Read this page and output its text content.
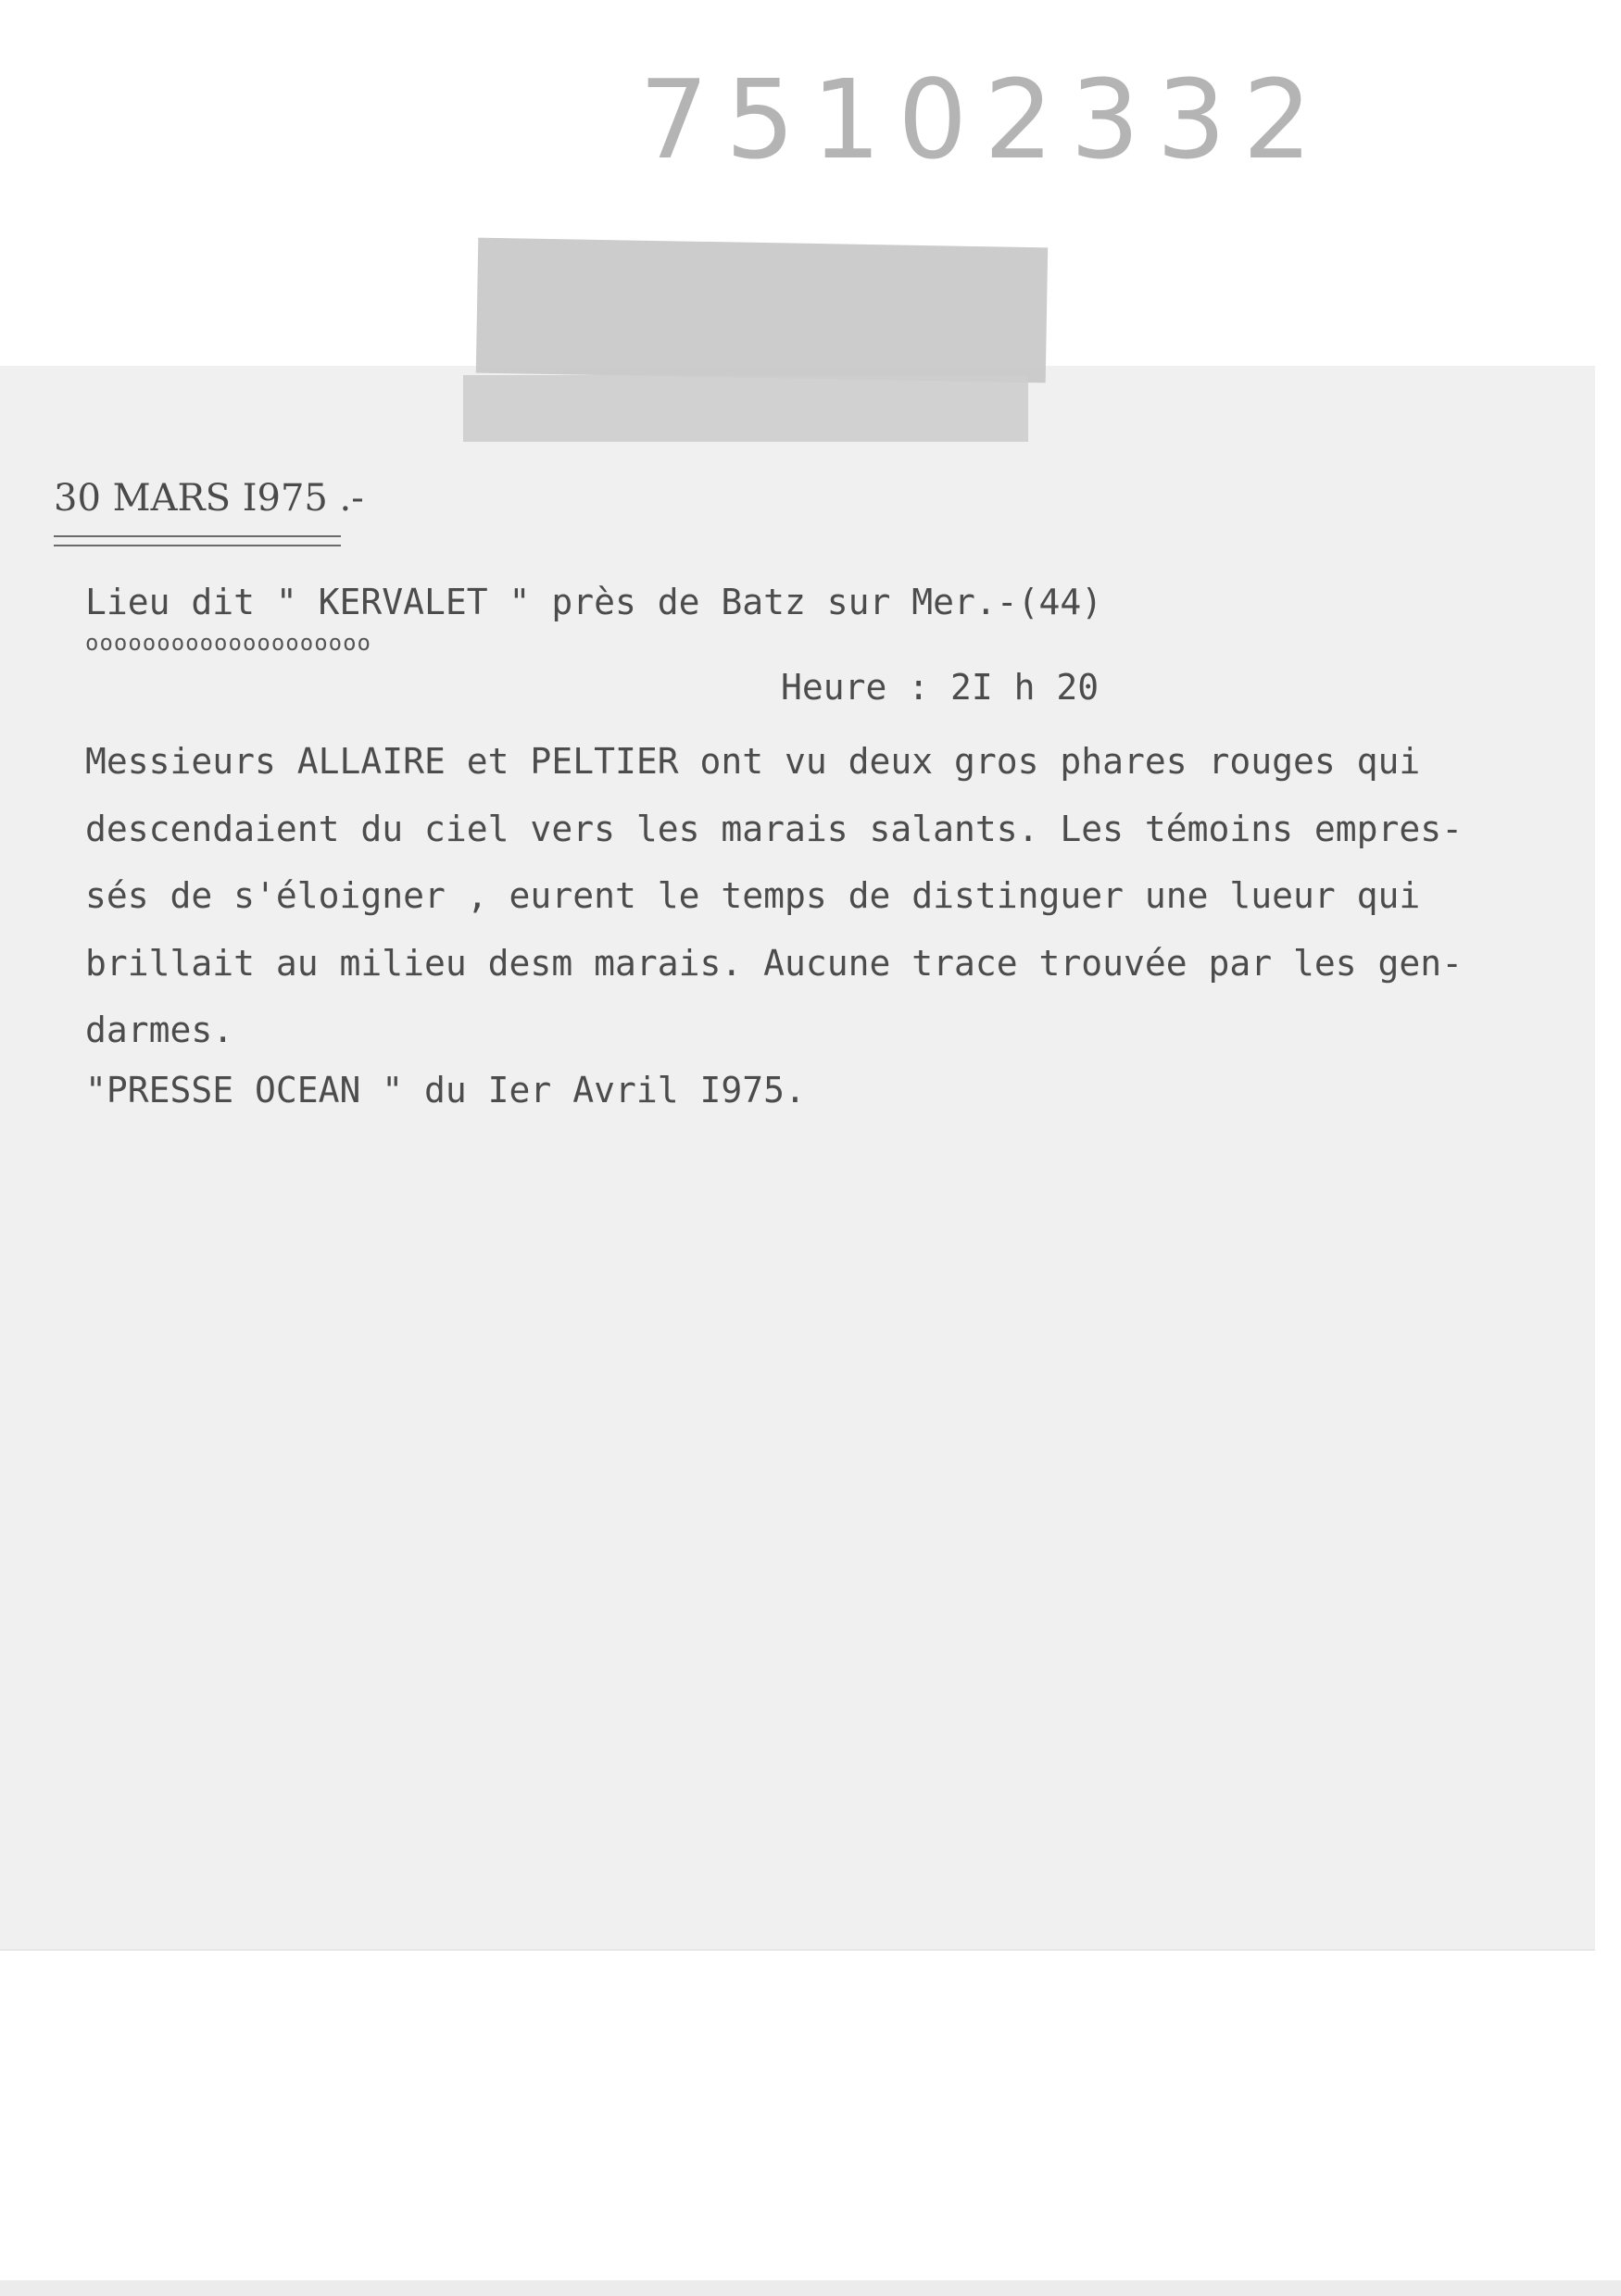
75102332
30 MARS I975 .-
Lieu dit " KERVALET " près de Batz sur Mer.-(44)
oooooooooooooooooooo
Heure : 2I h 20
Messieurs ALLAIRE et PELTIER ont vu deux gros phares rouges qui
descendaient du ciel vers les marais salants. Les témoins empres-
sés de s'éloigner , eurent le temps de distinguer une lueur qui
brillait au milieu desm marais. Aucune trace trouvée par les gen-
darmes.
"PRESSE OCEAN " du Ier Avril I975.
